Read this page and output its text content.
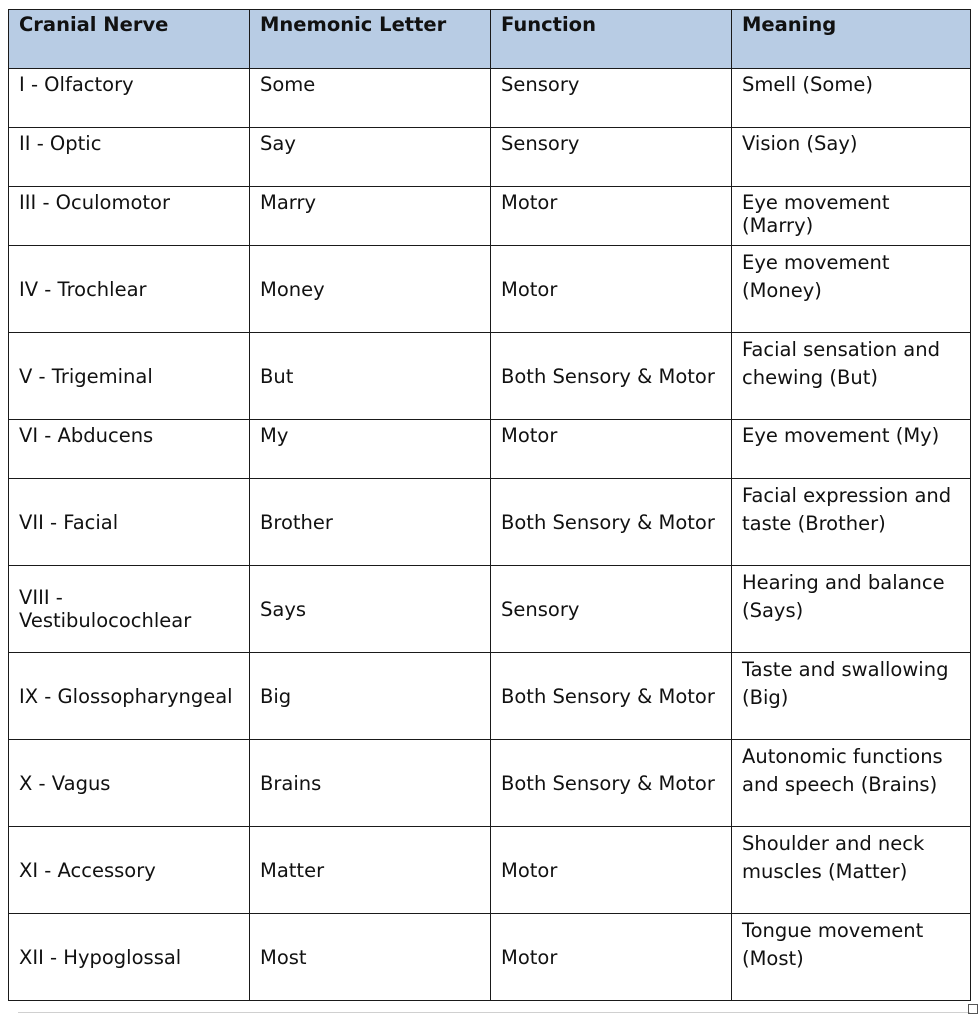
Cranial Nerve	Mnemonic Letter	Function	Meaning
I - Olfactory	Some	Sensory	Smell (Some)
II - Optic	Say	Sensory	Vision (Say)
III - Oculomotor	Marry	Motor	Eye movement (Marry)
IV - Trochlear	Money	Motor	Eye movement (Money)
V - Trigeminal	But	Both Sensory & Motor	Facial sensation and chewing (But)
VI - Abducens	My	Motor	Eye movement (My)
VII - Facial	Brother	Both Sensory & Motor	Facial expression and taste (Brother)
VIII - Vestibulocochlear	Says	Sensory	Hearing and balance (Says)
IX - Glossopharyngeal	Big	Both Sensory & Motor	Taste and swallowing (Big)
X - Vagus	Brains	Both Sensory & Motor	Autonomic functions and speech (Brains)
XI - Accessory	Matter	Motor	Shoulder and neck muscles (Matter)
XII - Hypoglossal	Most	Motor	Tongue movement (Most)
